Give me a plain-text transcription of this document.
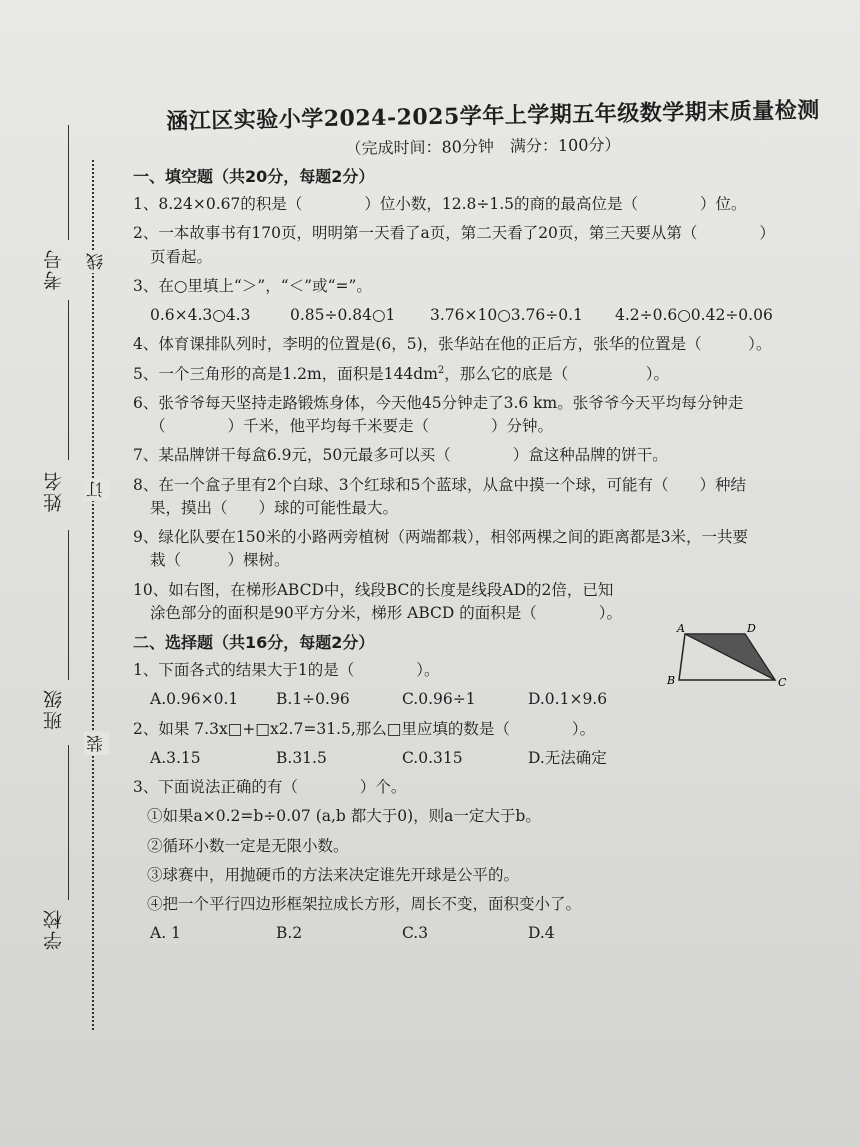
考号
姓名
班级
学校
线
订
装
涵江区实验小学2024-2025学年上学期五年级数学期末质量检测
（完成时间：80分钟　满分：100分）
一、填空题（共20分，每题2分）
1、8.24×0.67的积是（　　　　）位小数，12.8÷1.5的商的最高位是（　　　　）位。
2、一本故事书有170页，明明第一天看了a页，第二天看了20页，第三天要从第（　　　　）
页看起。
3、在○里填上“＞”，“＜”或“=”。
0.6×4.3○4.3	0.85÷0.84○1	3.76×10○3.76÷0.1	4.2÷0.6○0.42÷0.06
4、体育课排队列时，李明的位置是(6，5)，张华站在他的正后方，张华的位置是（　　　）。
5、一个三角形的高是1.2m，面积是$144dm^2$，那么它的底是（　　　　　）。
6、张爷爷每天坚持走路锻炼身体，今天他45分钟走了3.6 km。张爷爷今天平均每分钟走
（　　　　）千米，他平均每千米要走（　　　　）分钟。
7、某品牌饼干每盒6.9元，50元最多可以买（　　　　）盒这种品牌的饼干。
8、在一个盒子里有2个白球、3个红球和5个蓝球，从盒中摸一个球，可能有（　　）种结
果，摸出（　　）球的可能性最大。
9、绿化队要在150米的小路两旁植树（两端都栽），相邻两棵之间的距离都是3米，一共要
栽（　　　）棵树。
10、如右图，在梯形ABCD中，线段BC的长度是线段AD的2倍，已知
涂色部分的面积是90平方分米，梯形 ABCD 的面积是（　　　　）。
二、选择题（共16分，每题2分）
1、下面各式的结果大于1的是（　　　　）。
A.0.96×0.1	B.1÷0.96	C.0.96÷1	D.0.1×9.6
2、如果 7.3x□+□x2.7=31.5,那么□里应填的数是（　　　　）。
A.3.15	B.31.5	C.0.315	D.无法确定
3、下面说法正确的有（　　　　）个。
①如果a×0.2=b÷0.07 (a,b 都大于0)，则a一定大于b。
②循环小数一定是无限小数。
③球赛中，用抛硬币的方法来决定谁先开球是公平的。
④把一个平行四边形框架拉成长方形，周长不变，面积变小了。
A. 1	B.2	C.3	D.4
A	D
B	C
